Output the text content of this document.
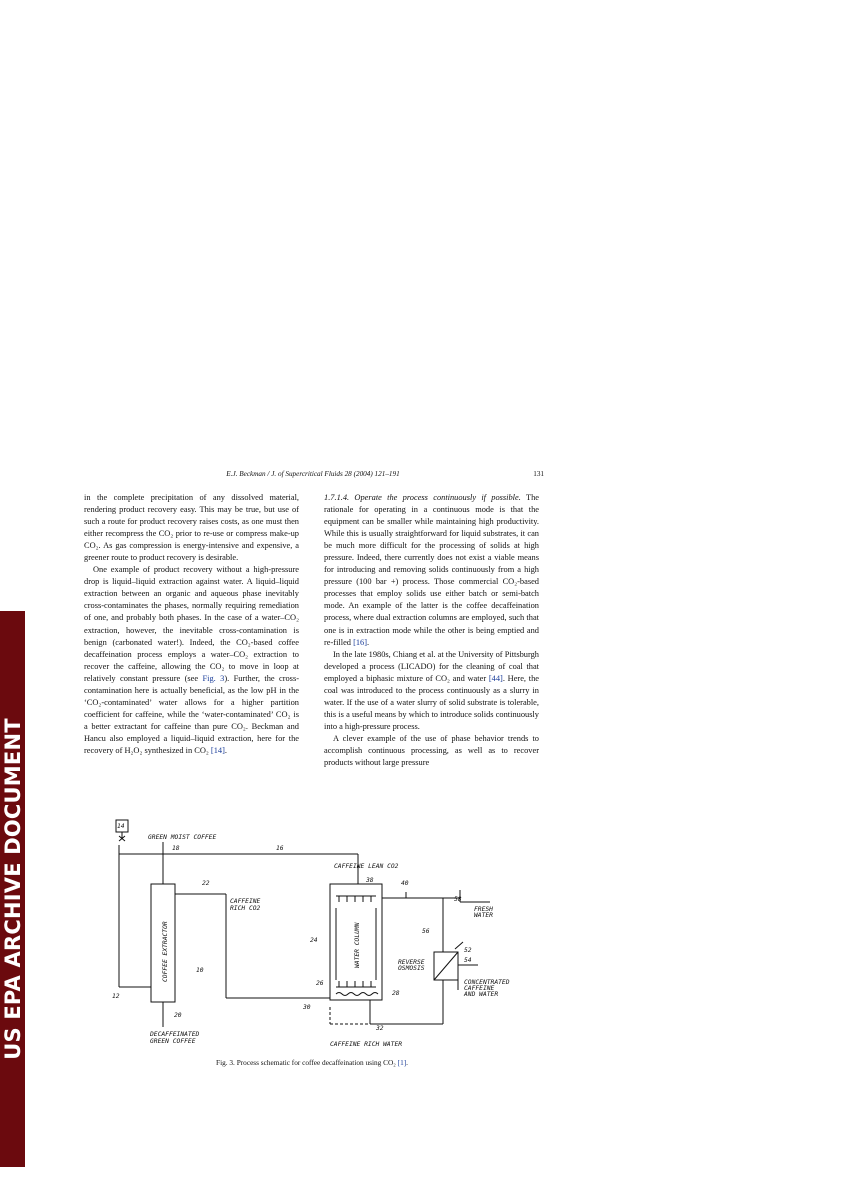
E.J. Beckman / J. of Supercritical Fluids 28 (2004) 121–191	131

in the complete precipitation of any dissolved material, rendering product recovery easy. This may be true, but use of such a route for product recovery raises costs, as one must then either recompress the CO₂ prior to re-use or compress make-up CO₂. As gas compression is energy-intensive and expensive, a greener route to product recovery is desirable.

One example of product recovery without a high-pressure drop is liquid–liquid extraction against water. A liquid–liquid extraction between an organic and aqueous phase inevitably cross-contaminates the phases, normally requiring remediation of one, and probably both phases. In the case of a water–CO₂ extraction, however, the inevitable cross-contamination is benign (carbonated water!). Indeed, the CO₂-based coffee decaffeination process employs a water–CO₂ extraction to recover the caffeine, allowing the CO₂ to move in loop at relatively constant pressure (see Fig. 3). Further, the cross-contamination here is actually beneficial, as the low pH in the ‘CO₂-contaminated’ water allows for a higher partition coefficient for caffeine, while the ‘water-contaminated’ CO₂ is a better extractant for caffeine than pure CO₂. Beckman and Hancu also employed a liquid–liquid extraction, here for the recovery of H₂O₂ synthesized in CO₂ [14].

1.7.1.4. Operate the process continuously if possible. The rationale for operating in a continuous mode is that the equipment can be smaller while maintaining high productivity. While this is usually straightforward for liquid substrates, it can be much more difficult for the processing of solids at high pressure. Indeed, there currently does not exist a viable means for introducing and removing solids continuously from a high pressure (100 bar +) process. Those commercial CO₂-based processes that employ solids use either batch or semi-batch mode. An example of the latter is the coffee decaffeination process, where dual extraction columns are employed, such that one is in extraction mode while the other is being emptied and re-filled [16].

In the late 1980s, Chiang et al. at the University of Pittsburgh developed a process (LICADO) for the cleaning of coal that employed a biphasic mixture of CO₂ and water [44]. Here, the coal was introduced to the process continuously as a slurry in water. If the use of a water slurry of solid substrate is tolerable, this is a useful means by which to introduce solids continuously into a high-pressure process.

A clever example of the use of phase behavior trends to accomplish continuous processing, as well as to recover products without large pressure

14
GREEN MOIST COFFEE
18	16
CAFFEINE LEAN CO2
22
CAFFEINE
RICH CO2
38	40
58
FRESH
WATER
56
COFFEE EXTRACTOR	WATER COLUMN
24
REVERSE
OSMOSIS
52
54
10
26
28
CONCENTRATED
CAFFEINE
AND WATER
30
12
20
32
DECAFFEINATED
GREEN COFFEE	CAFFEINE RICH WATER
Fig. 3. Process schematic for coffee decaffeination using CO₂ [1].
US EPA ARCHIVE DOCUMENT
